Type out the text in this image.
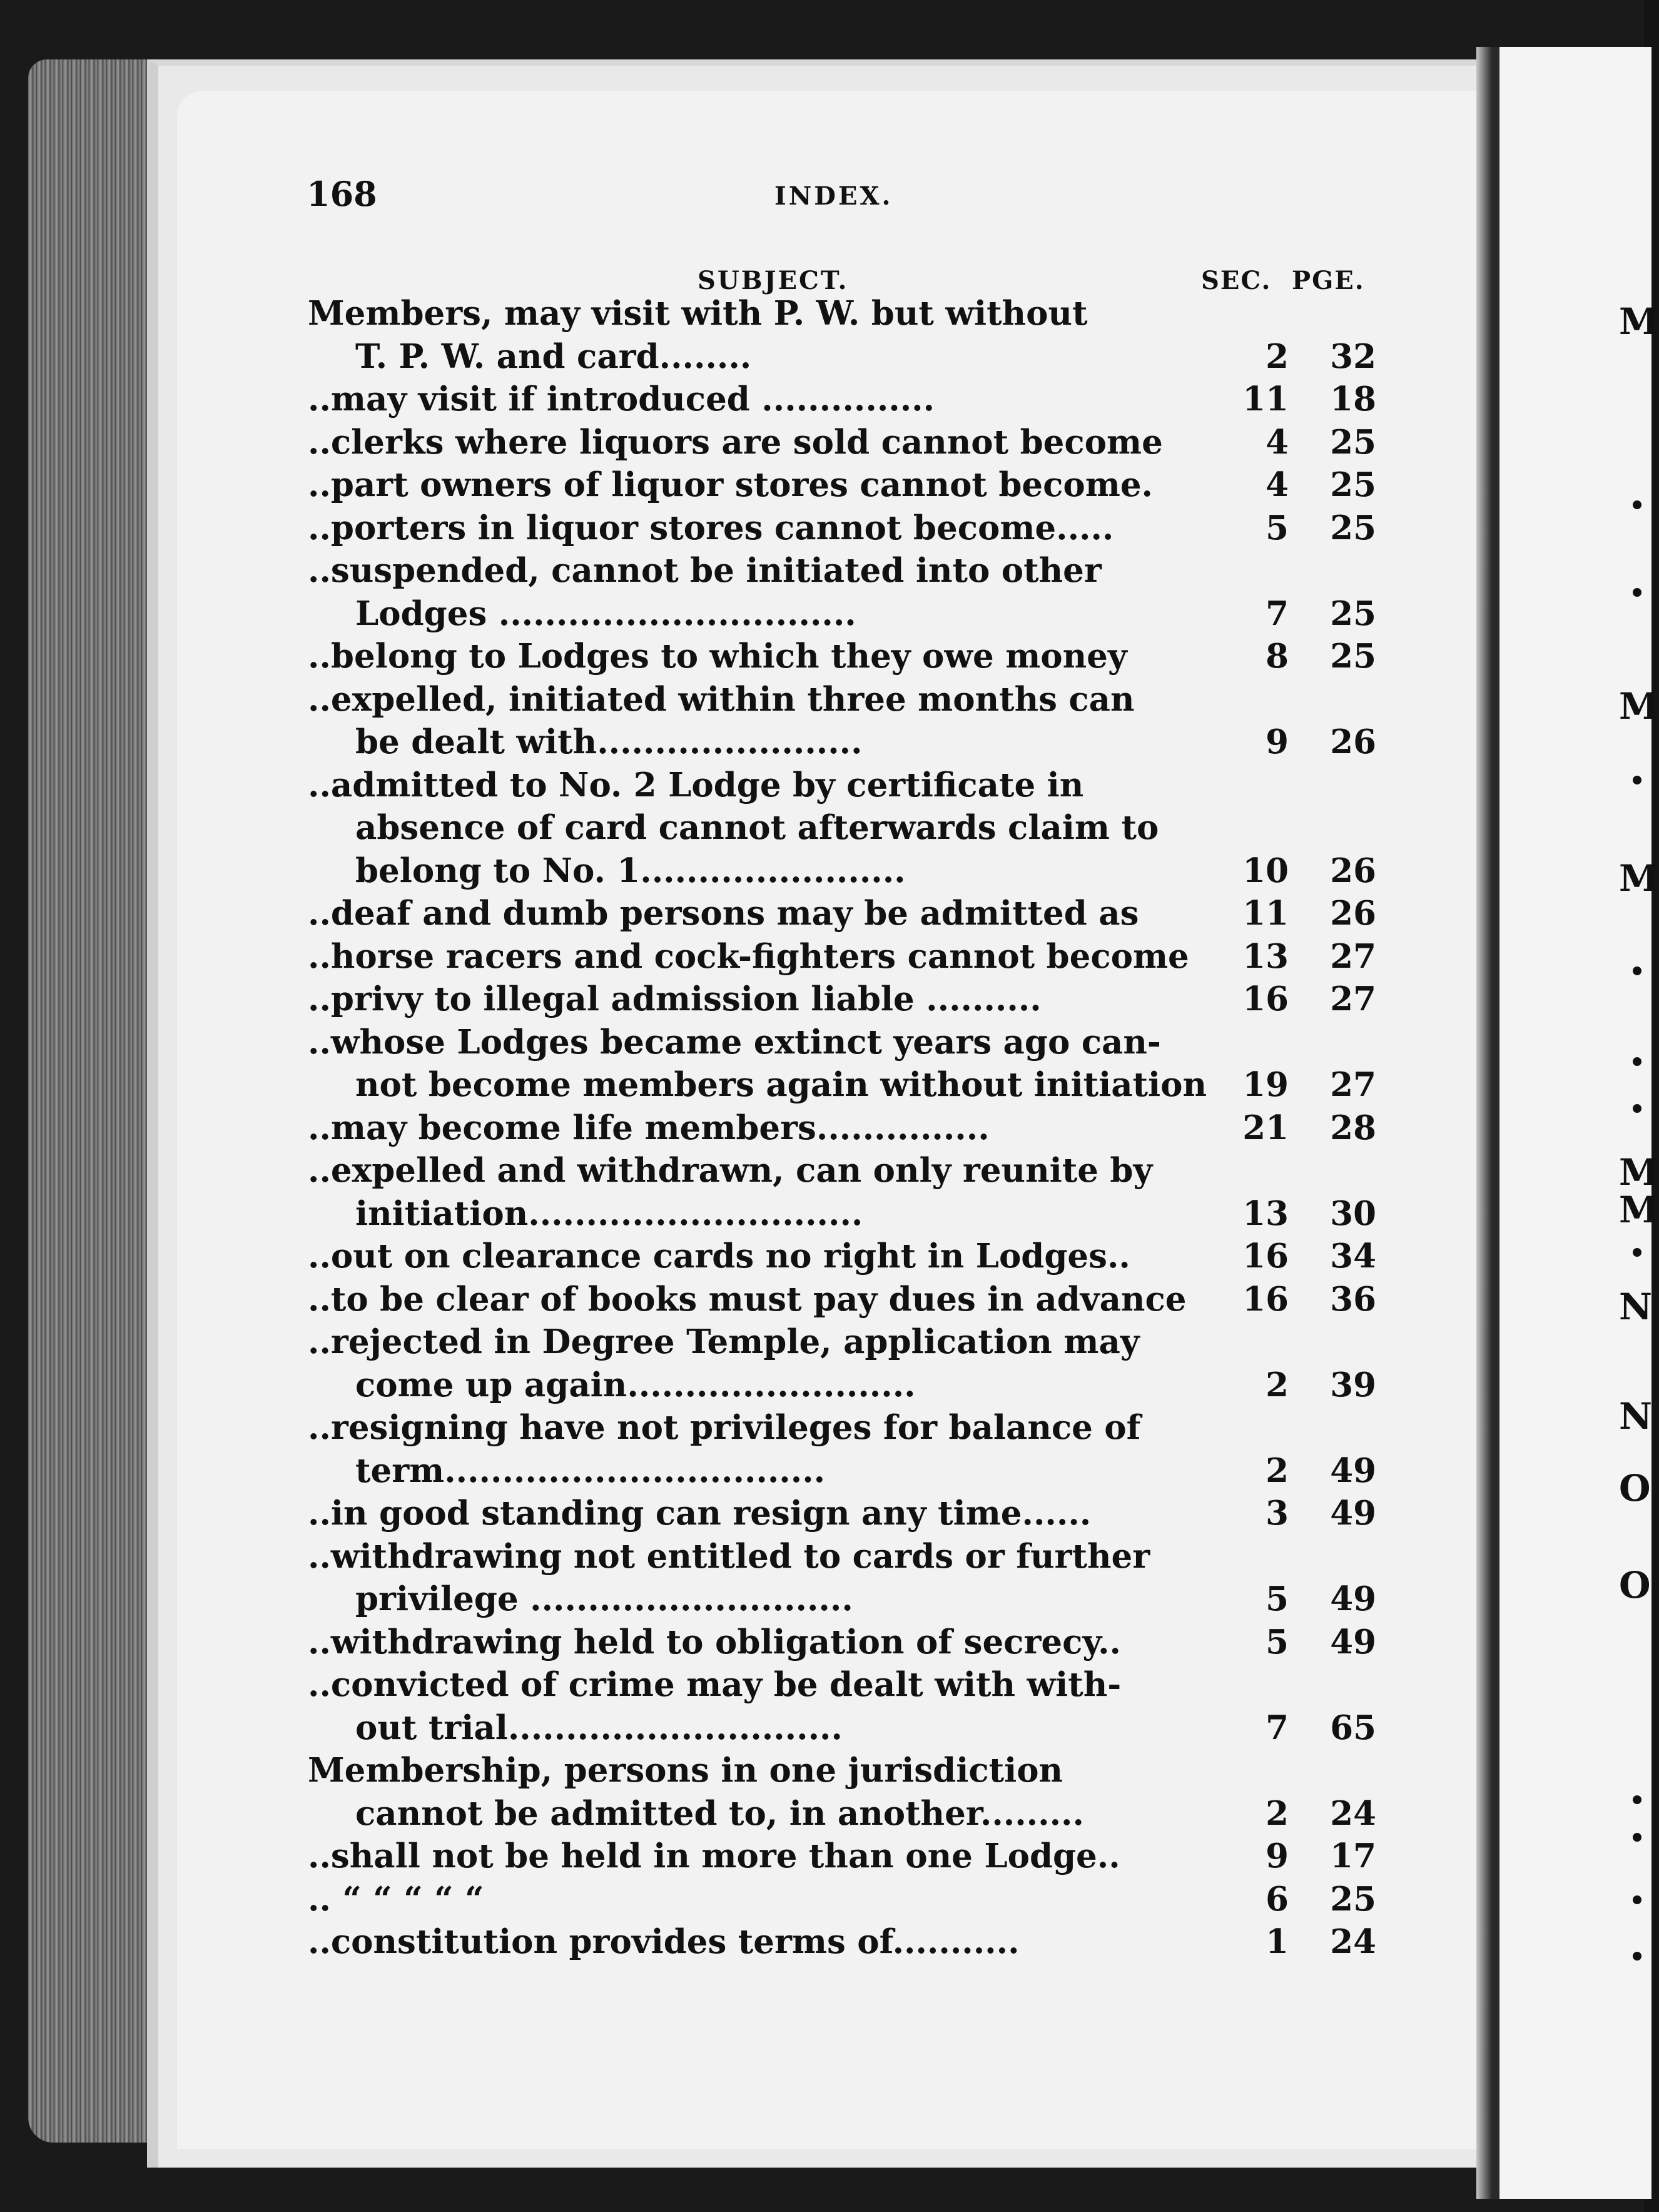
M
M
M
M
M
N
N
O
O
168	INDEX.
SUBJECT.	SEC. PGE.
Members, may visit with P. W. but without
T. P. W. and card........	2	32
..may visit if introduced ...............	11	18
..clerks where liquors are sold cannot become	4	25
..part owners of liquor stores cannot become.	4	25
..porters in liquor stores cannot become.....	5	25
..suspended, cannot be initiated into other
Lodges ...............................	7	25
..belong to Lodges to which they owe money	8	25
..expelled, initiated within three months can
be dealt with.......................	9	26
..admitted to No. 2 Lodge by certificate in
absence of card cannot afterwards claim to
belong to No. 1.......................	10	26
..deaf and dumb persons may be admitted as	11	26
..horse racers and cock-fighters cannot become	13	27
..privy to illegal admission liable ..........	16	27
..whose Lodges became extinct years ago can-
not become members again without initiation	19	27
..may become life members...............	21	28
..expelled and withdrawn, can only reunite by
initiation.............................	13	30
..out on clearance cards no right in Lodges..	16	34
..to be clear of books must pay dues in advance	16	36
..rejected in Degree Temple, application may
come up again.........................	2	39
..resigning have not privileges for balance of
term.................................	2	49
..in good standing can resign any time......	3	49
..withdrawing not entitled to cards or further
privilege ............................	5	49
..withdrawing held to obligation of secrecy..	5	49
..convicted of crime may be dealt with with-
out trial.............................	7	65
Membership, persons in one jurisdiction
cannot be admitted to, in another.........	2	24
..shall not be held in more than one Lodge..	9	17
.. “ “ “ “ “	6	25
..constitution provides terms of...........	1	24
